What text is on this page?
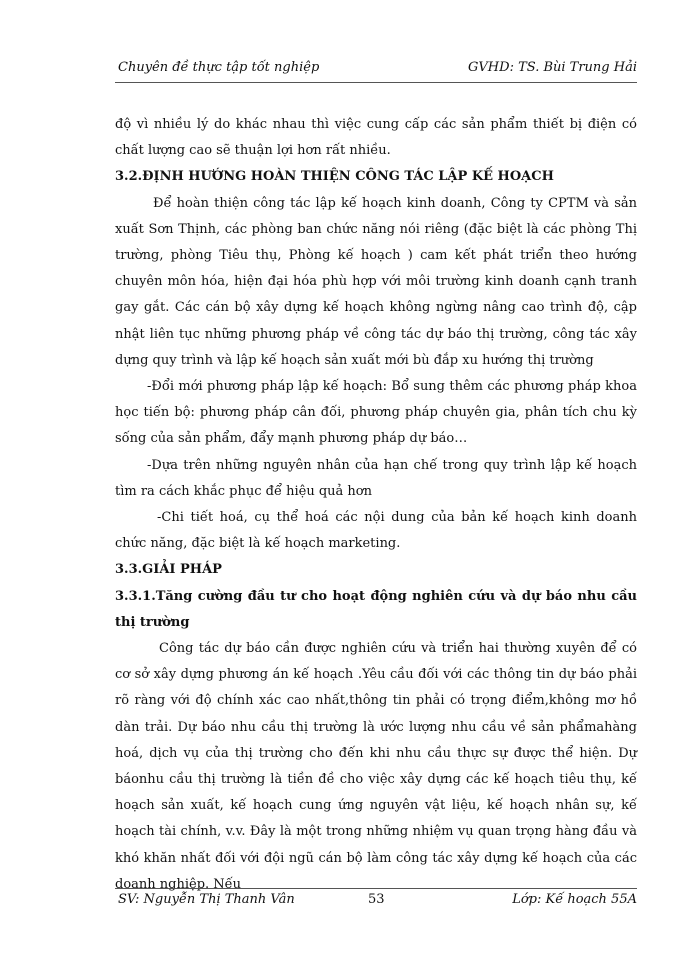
Chuyên đề thực tập tốt nghiệp	GVHD: TS. Bùi Trung Hải

độ vì nhiều lý do khác nhau thì việc cung cấp các sản phẩm thiết bị điện có chất lượng cao sẽ thuận lợi hơn rất nhiều.

3.2.ĐỊNH HƯỚNG HOÀN THIỆN CÔNG TÁC LẬP KẾ HOẠCH

Để hoàn thiện công tác lập kế hoạch kinh doanh, Công ty CPTM và sản xuất Sơn Thịnh, các phòng ban chức năng nói riêng (đặc biệt là các phòng Thị trường, phòng Tiêu thụ, Phòng kế hoạch ) cam kết phát triển theo hướng chuyên môn hóa, hiện đại hóa phù hợp với môi trường kinh doanh cạnh tranh gay gắt. Các cán bộ xây dựng kế hoạch không ngừng nâng cao trình độ, cập nhật liên tục những phương pháp về công tác dự báo thị trường, công tác xây dựng quy trình và lập kế hoạch sản xuất mới bù đắp xu hướng thị trường

-Đổi mới phương pháp lập kế hoạch: Bổ sung thêm các phương pháp khoa học tiến bộ: phương pháp cân đối, phương pháp chuyên gia, phân tích chu kỳ sống của sản phẩm, đẩy mạnh phương pháp dự báo…

-Dựa trên những nguyên nhân của hạn chế trong quy trình lập kế hoạch tìm ra cách khắc phục để hiệu quả hơn

-Chi tiết hoá, cụ thể hoá các nội dung của bản kế hoạch kinh doanh chức năng, đặc biệt là kế hoạch marketing.

3.3.GIẢI PHÁP

3.3.1.Tăng cường đầu tư cho hoạt động nghiên cứu và dự báo nhu cầu thị trường

Công tác dự báo cần được nghiên cứu và triển hai thường xuyên để có cơ sở xây dựng phương án kế hoạch .Yêu cầu đối với các thông tin dự báo phải rõ ràng với độ chính xác cao nhất,thông tin phải có trọng điểm,không mơ hồ dàn trải. Dự báo nhu cầu thị trường là ước lượng nhu cầu về sản phẩmahàng hoá, dịch vụ của thị trường cho đến khi nhu cầu thực sự được thể hiện. Dự báonhu cầu thị trường là tiền đề cho việc xây dựng các kế hoạch tiêu thụ, kế hoạch sản xuất, kế hoạch cung ứng nguyên vật liệu, kế hoạch nhân sự, kế hoạch tài chính, v.v. Đây là một trong những nhiệm vụ quan trọng hàng đầu và khó khăn nhất đối với đội ngũ cán bộ làm công tác xây dựng kế hoạch của các doanh nghiệp. Nếu

SV: Nguyễn Thị Thanh Vân	53	Lớp: Kế hoạch 55A
